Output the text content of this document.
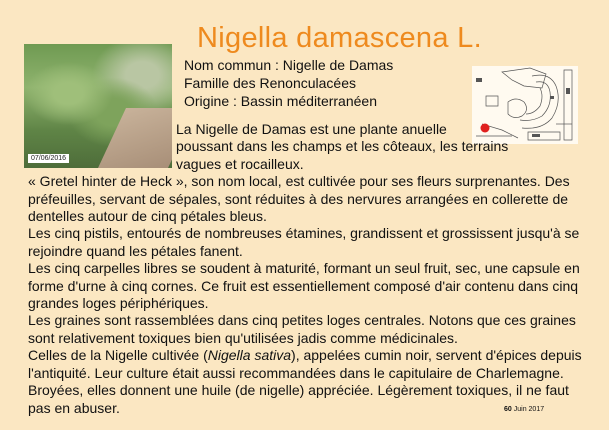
Nigella damascena L.
07/06/2016
Nom commun : Nigelle de Damas
Famille des Renonculacées
Origine : Bassin méditerranéen
La Nigelle de Damas est une plante anuelle
poussant dans les champs et les côteaux, les terrains
vagues et rocailleux.

« Gretel hinter de Heck », son nom local, est cultivée pour ses fleurs surprenantes. Des préfeuilles, servant de sépales, sont réduites à des nervures arrangées en collerette de dentelles autour de cinq pétales bleus.

Les cinq pistils, entourés de nombreuses étamines, grandissent et grossissent jusqu'à se rejoindre quand les pétales fanent.

Les cinq carpelles libres se soudent à maturité, formant un seul fruit, sec, une capsule en forme d'urne à cinq cornes. Ce fruit est essentiellement composé d'air contenu dans cinq grandes loges périphériques.

Les graines sont rassemblées dans cinq petites loges centrales. Notons que ces graines sont relativement toxiques bien qu'utilisées jadis comme médicinales.

Celles de la Nigelle cultivée (Nigella sativa), appelées cumin noir, servent d'épices depuis l'antiquité. Leur culture était aussi recommandées dans le capitulaire de Charlemagne. Broyées, elles donnent une huile (de nigelle) appréciée. Légèrement toxiques, il ne faut pas en abuser.	60 Juin 2017
